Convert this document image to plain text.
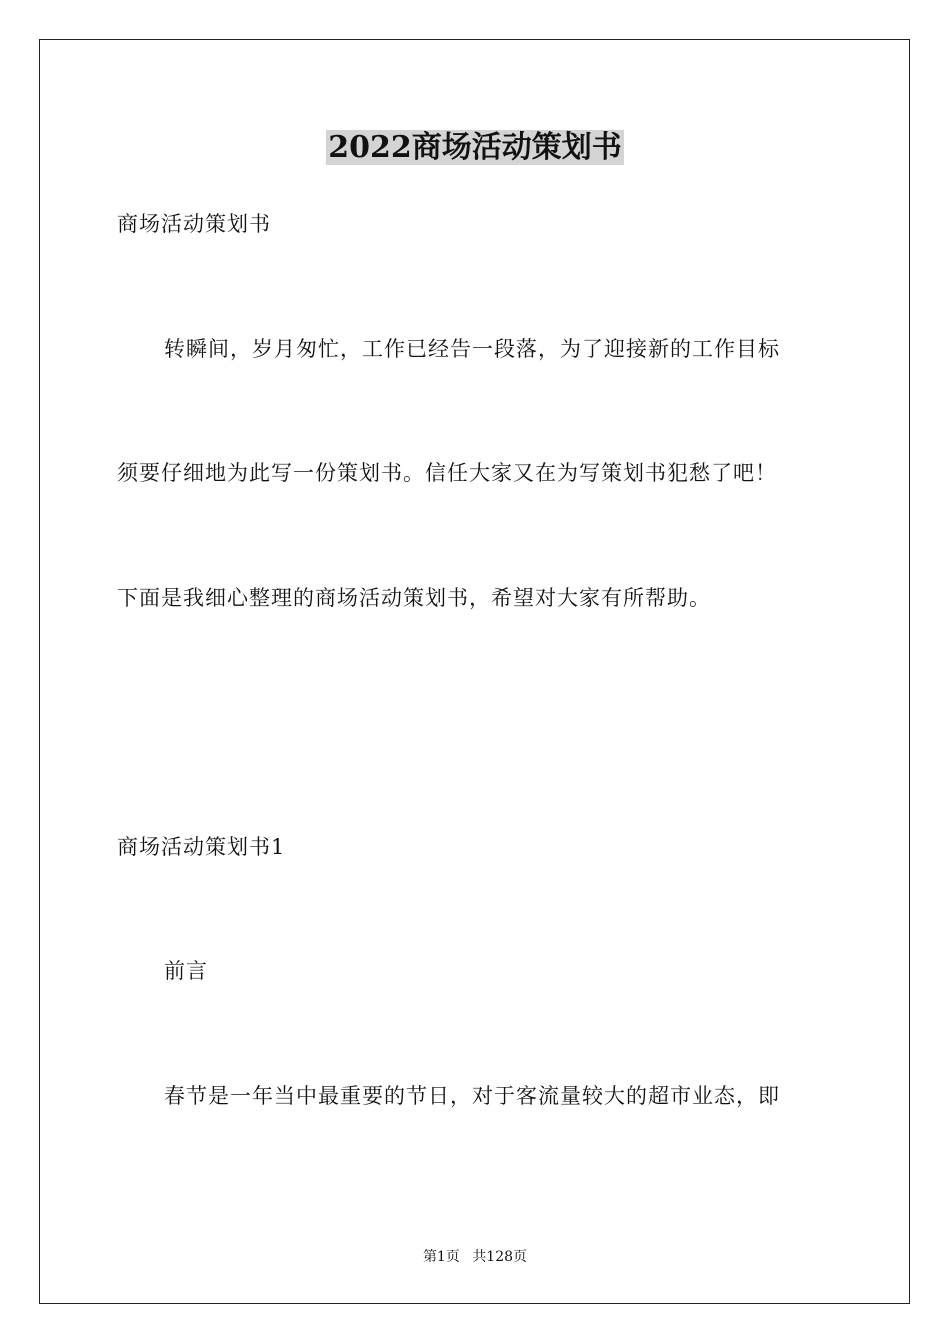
2022商场活动策划书
商场活动策划书
转瞬间，岁月匆忙，工作已经告一段落，为了迎接新的工作目标
须要仔细地为此写一份策划书。信任大家又在为写策划书犯愁了吧！
下面是我细心整理的商场活动策划书，希望对大家有所帮助。
商场活动策划书1
前言
春节是一年当中最重要的节日，对于客流量较大的超市业态，即
第1页 共128页
